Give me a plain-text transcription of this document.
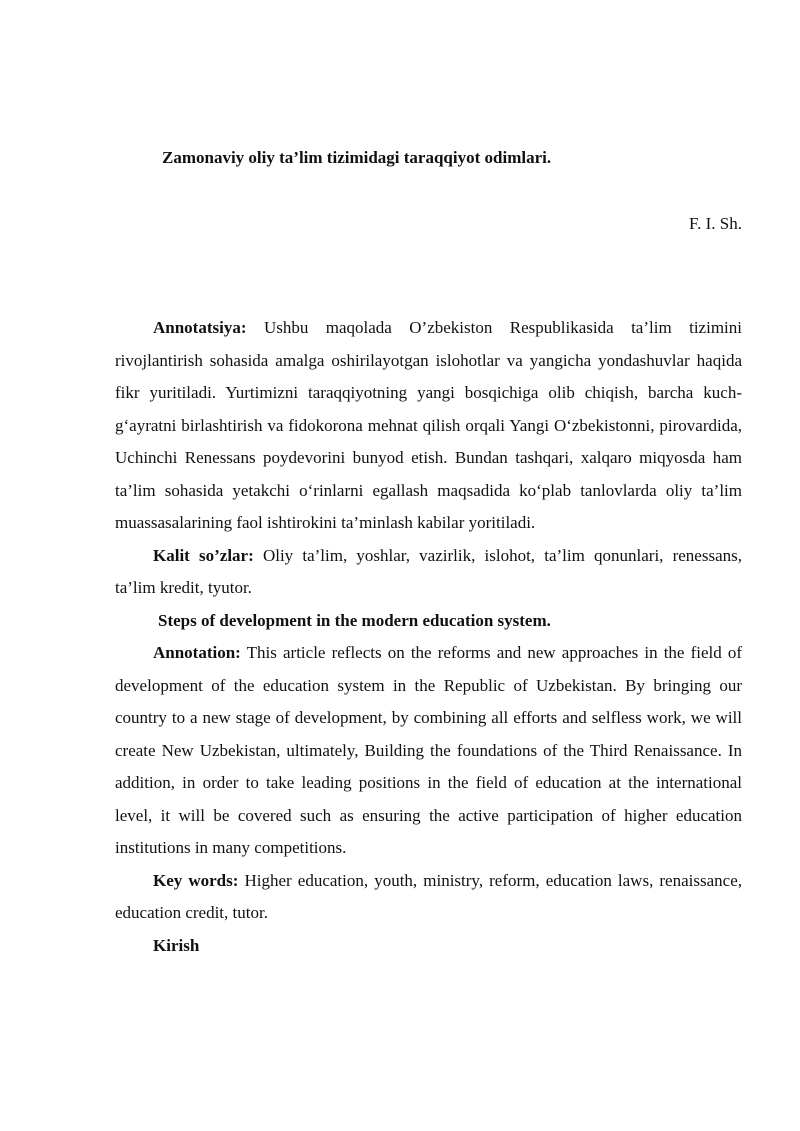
Zamonaviy oliy ta’lim tizimidagi taraqqiyot odimlari.
F. I. Sh.

Annotatsiya: Ushbu maqolada O’zbekiston Respublikasida ta’lim tizimini rivojlantirish sohasida amalga oshirilayotgan islohotlar va yangicha yondashuvlar haqida fikr yuritiladi. Yurtimizni taraqqiyotning yangi bosqichiga olib chiqish, barcha kuch-g‘ayratni birlashtirish va fidokorona mehnat qilish orqali Yangi O‘zbekistonni, pirovardida, Uchinchi Renessans poydevorini bunyod etish. Bundan tashqari, xalqaro miqyosda ham ta’lim sohasida yetakchi o‘rinlarni egallash maqsadida ko‘plab tanlovlarda oliy ta’lim muassasalarining faol ishtirokini ta’minlash kabilar yoritiladi.

Kalit so’zlar: Oliy ta’lim, yoshlar, vazirlik, islohot, ta’lim qonunlari, renessans, ta’lim kredit, tyutor.

Steps of development in the modern education system.

Annotation: This article reflects on the reforms and new approaches in the field of development of the education system in the Republic of Uzbekistan. By bringing our country to a new stage of development, by combining all efforts and selfless work, we will create New Uzbekistan, ultimately, Building the foundations of the Third Renaissance. In addition, in order to take leading positions in the field of education at the international level, it will be covered such as ensuring the active participation of higher education institutions in many competitions.

Key words: Higher education, youth, ministry, reform, education laws, renaissance, education credit, tutor.

Kirish
